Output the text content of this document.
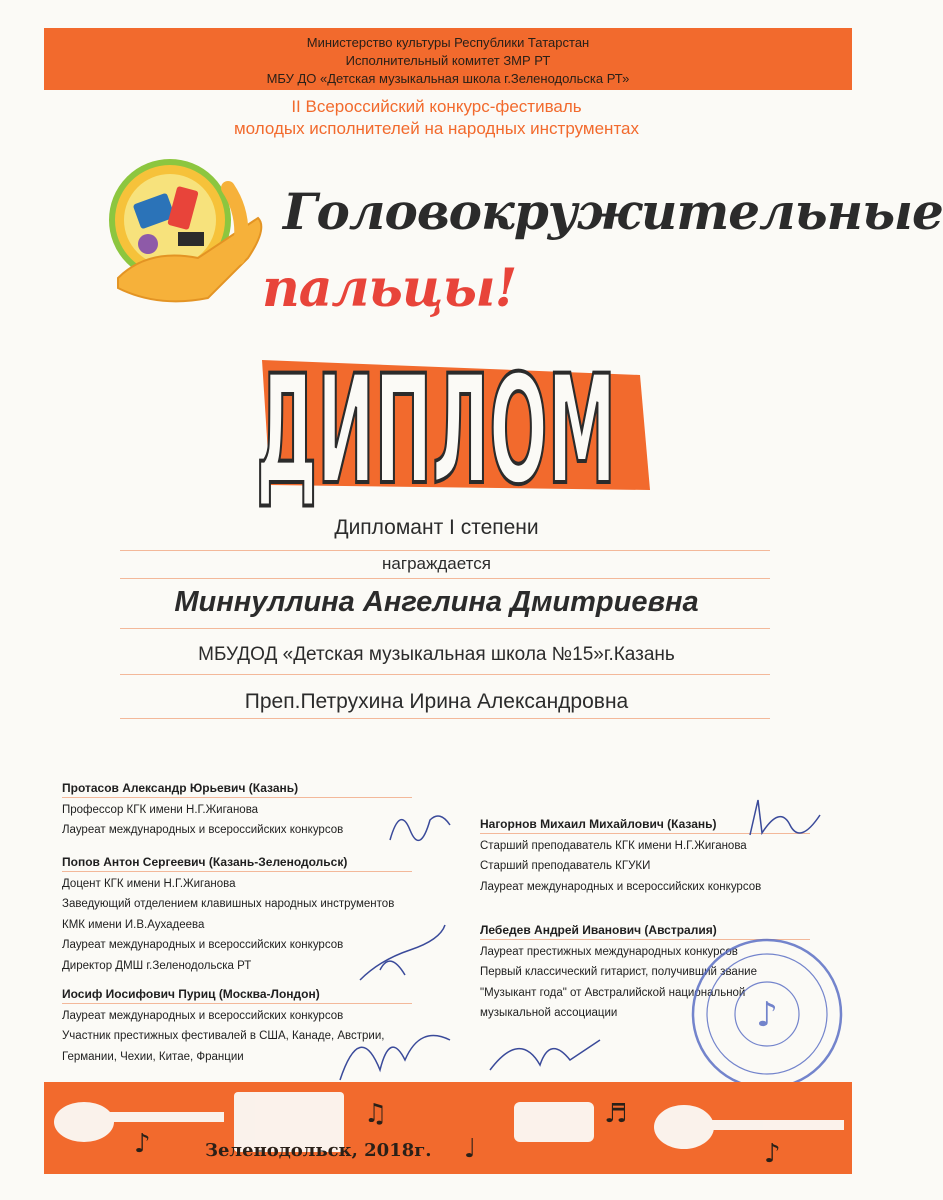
Министерство культуры Республики Татарстан
Исполнительный комитет ЗМР РТ
МБУ ДО «Детская музыкальная школа г.Зеленодольска РТ»
II Всероссийский конкурс-фестиваль
молодых исполнителей на народных инструментах
Головокружительные
пальцы!
ДИПЛОМ
Дипломант I степени
награждается
Миннуллина Ангелина Дмитриевна
МБУДОД «Детская музыкальная школа №15»г.Казань
Преп.Петрухина Ирина Александровна
Протасов Александр Юрьевич (Казань)
Профессор КГК имени Н.Г.Жиганова
Лауреат международных и всероссийских конкурсов
Попов Антон Сергеевич (Казань-Зеленодольск)
Доцент КГК имени Н.Г.Жиганова
Заведующий отделением клавишных народных инструментов
КМК имени И.В.Аухадеева
Лауреат международных и всероссийских конкурсов
Директор ДМШ г.Зеленодольска РТ
Иосиф Иосифович Пуриц (Москва-Лондон)
Лауреат международных и всероссийских конкурсов
Участник престижных фестивалей в США, Канаде, Австрии,
Германии, Чехии, Китае, Франции
Нагорнов Михаил Михайлович (Казань)
Старший преподаватель КГК имени Н.Г.Жиганова
Старший преподаватель КГУКИ
Лауреат международных и всероссийских конкурсов
Лебедев Андрей Иванович (Австралия)
Лауреат престижных международных конкурсов
Первый классический гитарист, получивший звание
"Музыкант года" от Австралийской национальной
музыкальной ассоциации	♪
♪
♫
♩
♬
♪
Зеленодольск, 2018г.
